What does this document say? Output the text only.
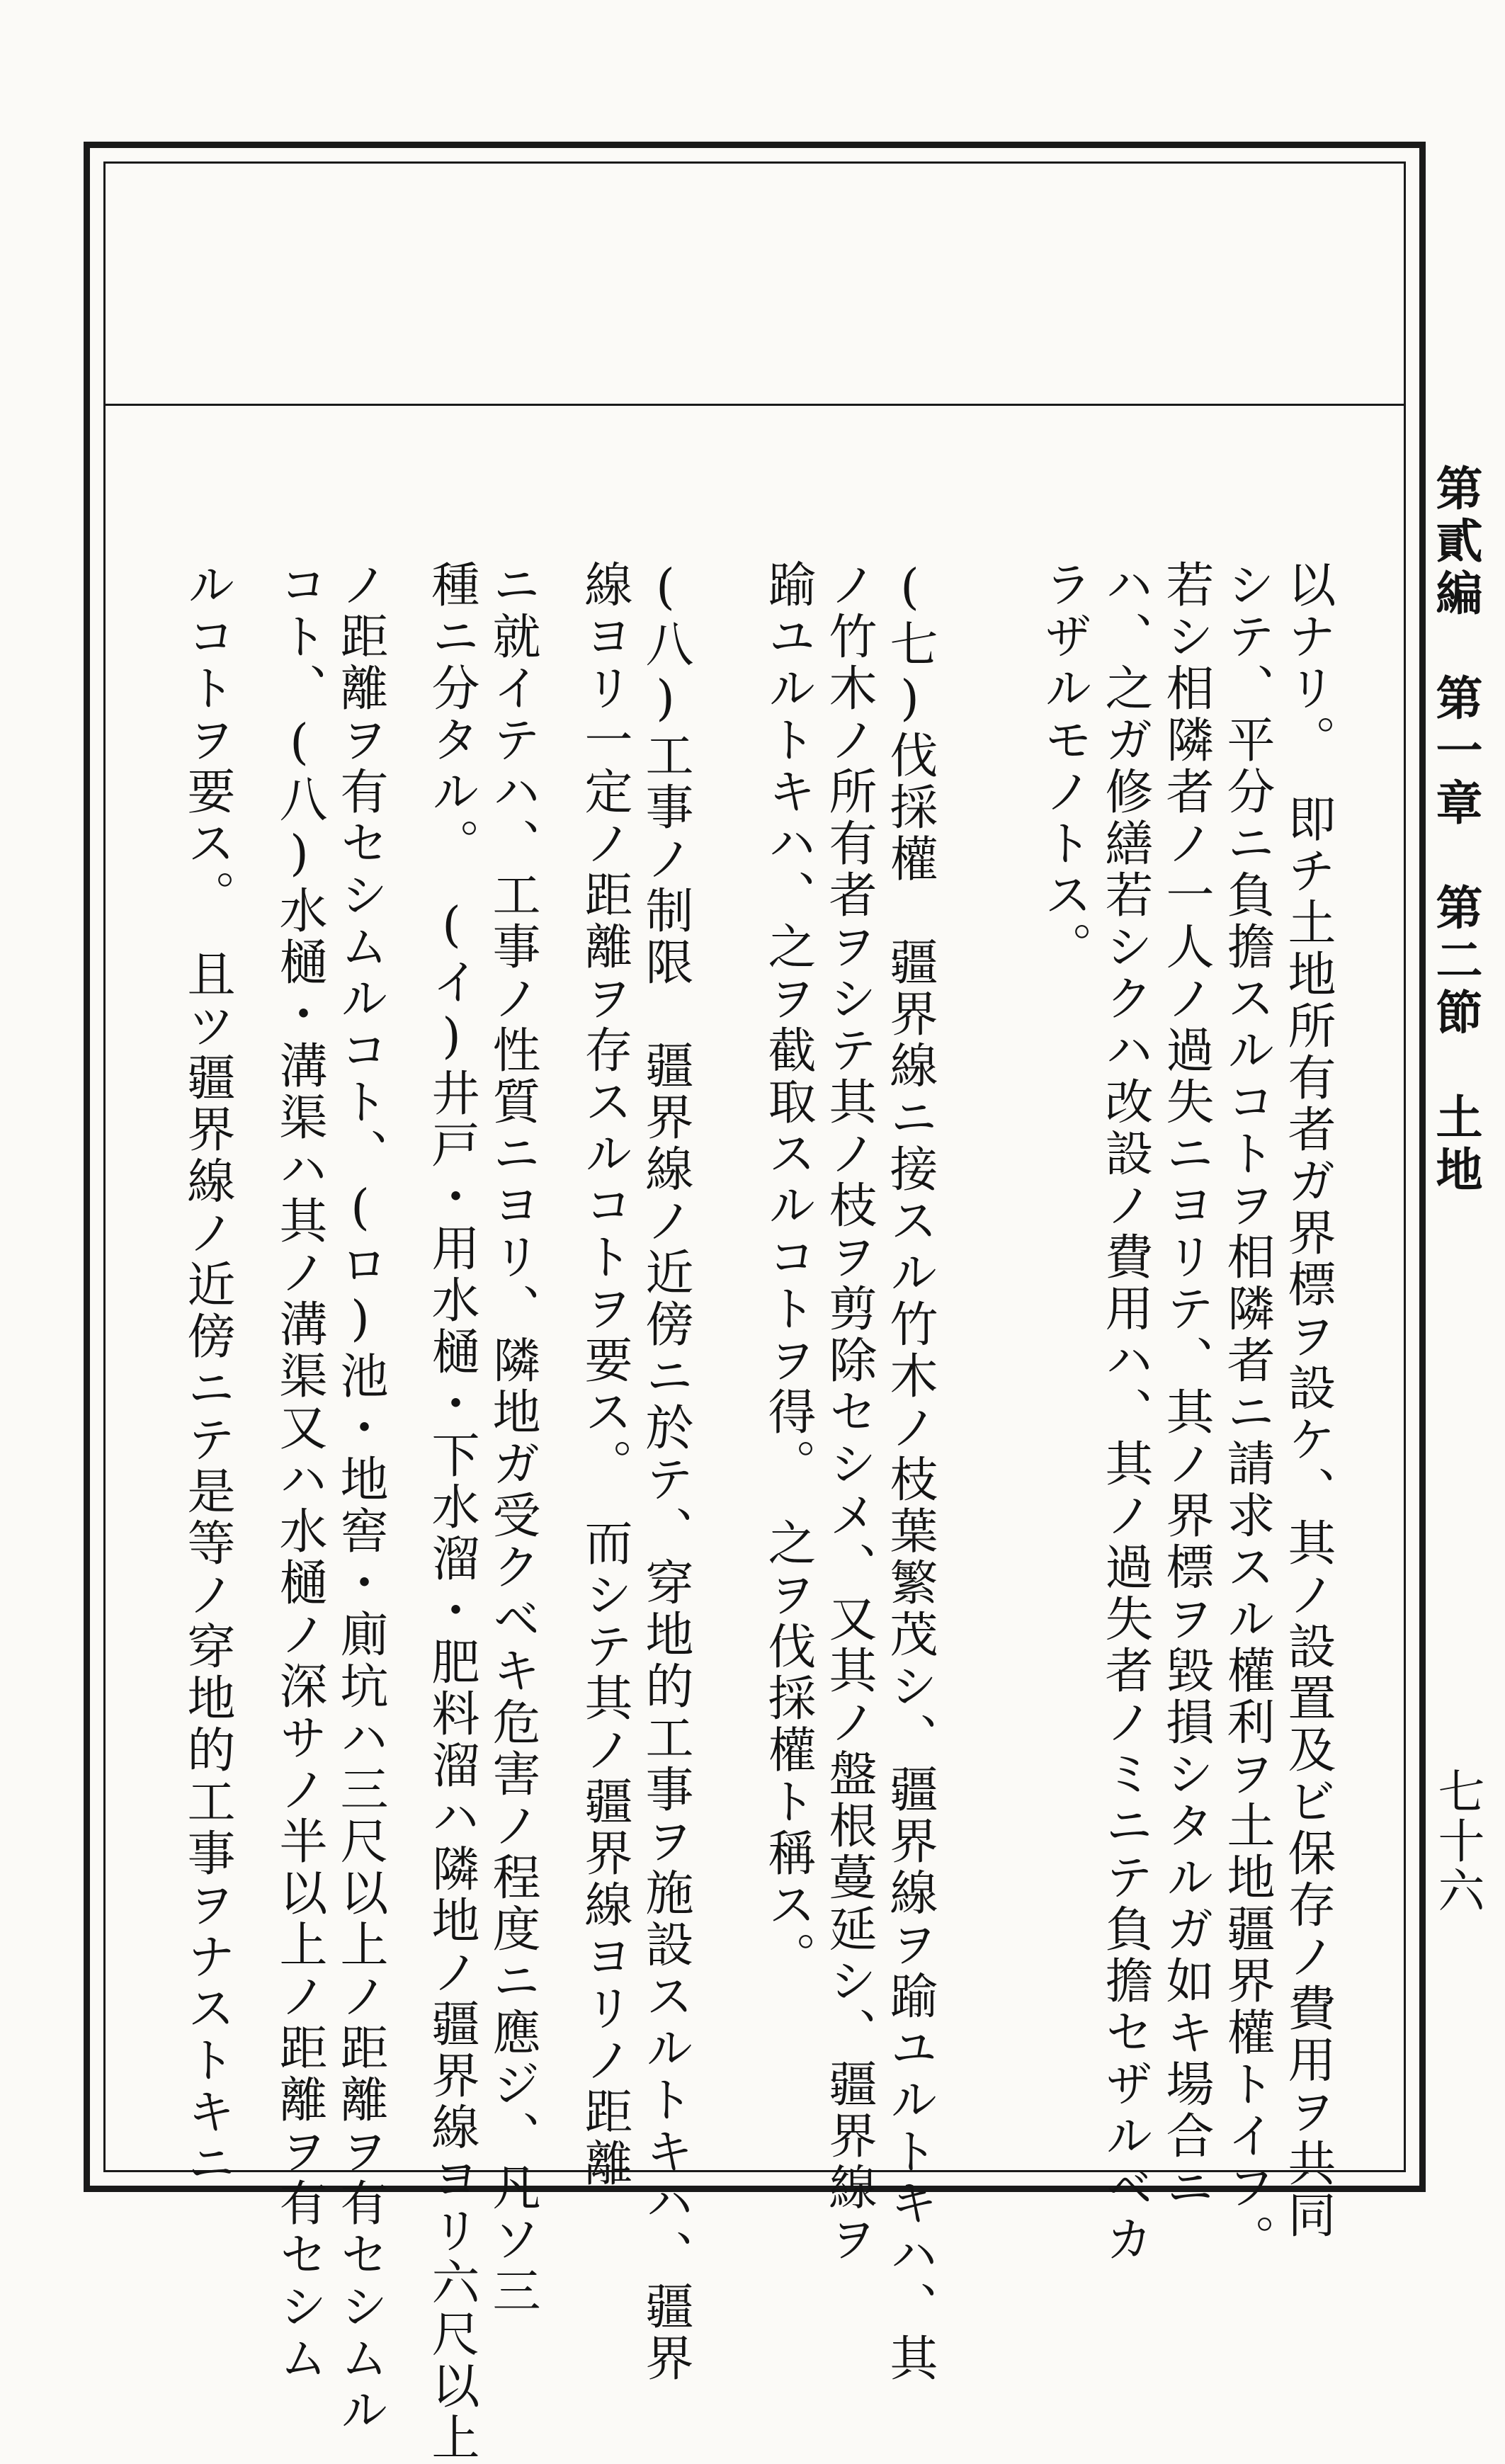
第貳編　第一章　第二節　土地
七十六
以ナリ。　即チ土地所有者ガ界標ヲ設ケ、其ノ設置及ビ保存ノ費用ヲ共同
シテ、平分ニ負擔スルコトヲ相隣者ニ請求スル權利ヲ土地疆界權トイフ。
若シ相隣者ノ一人ノ過失ニヨリテ、其ノ界標ヲ毀損シタルガ如キ場合ニ
ハ、之ガ修繕若シクハ改設ノ費用ハ、其ノ過失者ノミニテ負擔セザルベカ
ラザルモノトス。
(七)伐採權　疆界線ニ接スル竹木ノ枝葉繁茂シ、疆界線ヲ踰ユルトキハ、其
ノ竹木ノ所有者ヲシテ其ノ枝ヲ剪除セシメ、又其ノ盤根蔓延シ、疆界線ヲ
踰ユルトキハ、之ヲ截取スルコトヲ得。　之ヲ伐採權ト稱ス。
(八)工事ノ制限　疆界線ノ近傍ニ於テ、穿地的工事ヲ施設スルトキハ、疆界
線ヨリ一定ノ距離ヲ存スルコトヲ要ス。　而シテ其ノ疆界線ヨリノ距離
ニ就イテハ、工事ノ性質ニヨリ、隣地ガ受クベキ危害ノ程度ニ應ジ、凡ソ三
種ニ分タル。　(イ)井戸・用水樋・下水溜・肥料溜ハ隣地ノ疆界線ヨリ六尺以上
ノ距離ヲ有セシムルコト、(ロ)池・地窖・廁坑ハ三尺以上ノ距離ヲ有セシムル
コト、(八)水樋・溝渠ハ其ノ溝渠又ハ水樋ノ深サノ半以上ノ距離ヲ有セシム
ルコトヲ要ス。　且ツ疆界線ノ近傍ニテ是等ノ穿地的工事ヲナストキニ
